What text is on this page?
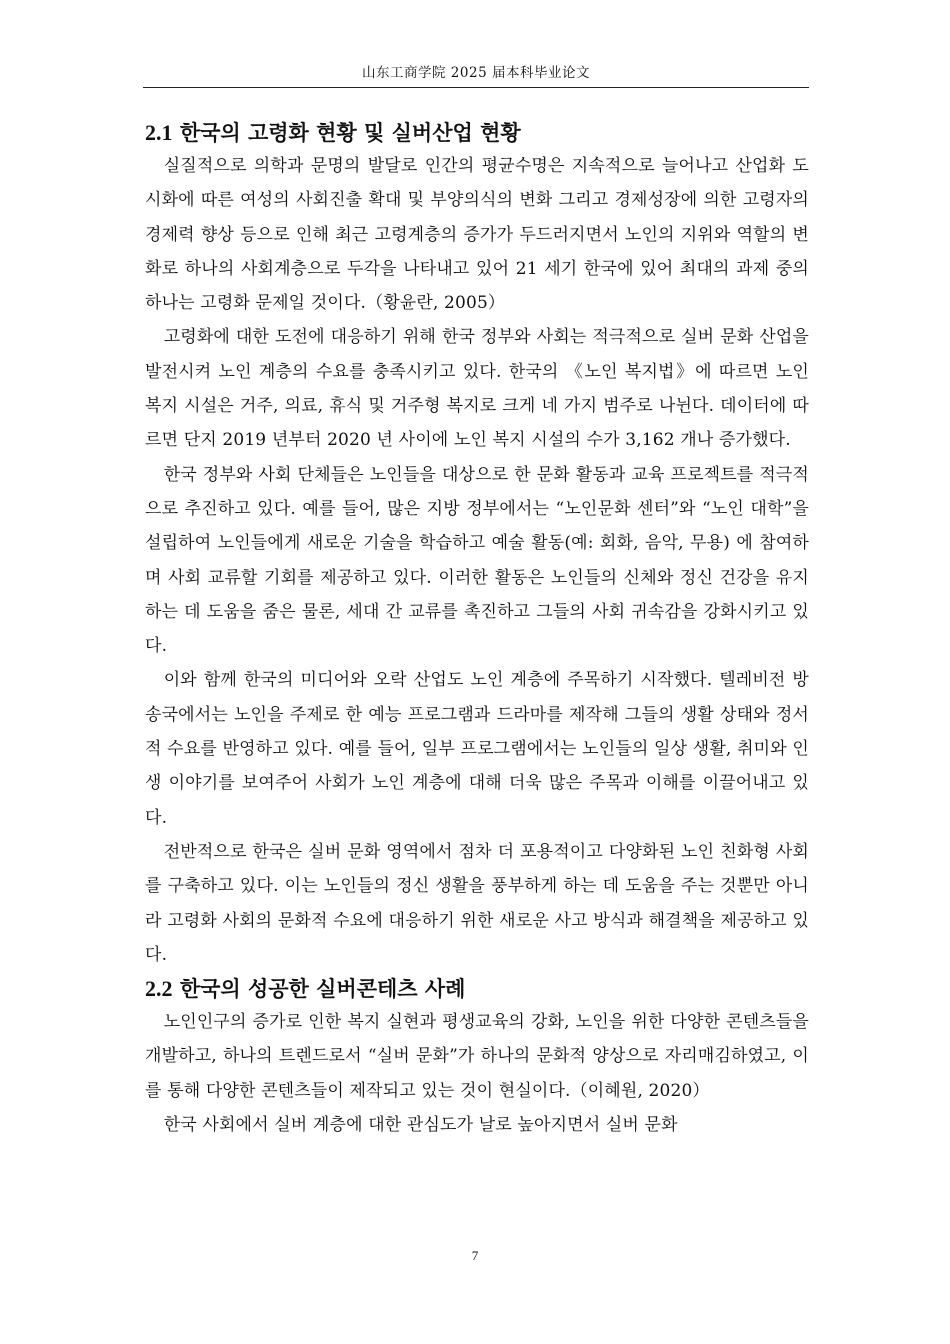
山东工商学院 2025 届本科毕业论文
2.1 한국의 고령화 현황 및 실버산업 현황

실질적으로 의학과 문명의 발달로 인간의 평균수명은 지속적으로 늘어나고 산업화 도시화에 따른 여성의 사회진출 확대 및 부양의식의 변화 그리고 경제성장에 의한 고령자의 경제력 향상 등으로 인해 최근 고령계층의 증가가 두드러지면서 노인의 지위와 역할의 변화로 하나의 사회계층으로 두각을 나타내고 있어 21 세기 한국에 있어 최대의 과제 중의 하나는 고령화 문제일 것이다.（황윤란, 2005）

고령화에 대한 도전에 대응하기 위해 한국 정부와 사회는 적극적으로 실버 문화 산업을 발전시켜 노인 계층의 수요를 충족시키고 있다. 한국의 《노인 복지법》에 따르면 노인 복지 시설은 거주, 의료, 휴식 및 거주형 복지로 크게 네 가지 범주로 나뉜다. 데이터에 따르면 단지 2019 년부터 2020 년 사이에 노인 복지 시설의 수가 3,162 개나 증가했다.

한국 정부와 사회 단체들은 노인들을 대상으로 한 문화 활동과 교육 프로젝트를 적극적으로 추진하고 있다. 예를 들어, 많은 지방 정부에서는 “노인문화 센터”와 “노인 대학”을 설립하여 노인들에게 새로운 기술을 학습하고 예술 활동(예: 회화, 음악, 무용) 에 참여하며 사회 교류할 기회를 제공하고 있다. 이러한 활동은 노인들의 신체와 정신 건강을 유지하는 데 도움을 줌은 물론, 세대 간 교류를 촉진하고 그들의 사회 귀속감을 강화시키고 있다.

이와 함께 한국의 미디어와 오락 산업도 노인 계층에 주목하기 시작했다. 텔레비전 방송국에서는 노인을 주제로 한 예능 프로그램과 드라마를 제작해 그들의 생활 상태와 정서적 수요를 반영하고 있다. 예를 들어, 일부 프로그램에서는 노인들의 일상 생활, 취미와 인생 이야기를 보여주어 사회가 노인 계층에 대해 더욱 많은 주목과 이해를 이끌어내고 있다.

전반적으로 한국은 실버 문화 영역에서 점차 더 포용적이고 다양화된 노인 친화형 사회를 구축하고 있다. 이는 노인들의 정신 생활을 풍부하게 하는 데 도움을 주는 것뿐만 아니라 고령화 사회의 문화적 수요에 대응하기 위한 새로운 사고 방식과 해결책을 제공하고 있다.

2.2 한국의 성공한 실버콘테츠 사례

노인인구의 증가로 인한 복지 실현과 평생교육의 강화, 노인을 위한 다양한 콘텐츠들을 개발하고, 하나의 트렌드로서 “실버 문화”가 하나의 문화적 양상으로 자리매김하였고, 이를 통해 다양한 콘텐츠들이 제작되고 있는 것이 현실이다.（이혜원, 2020）

한국 사회에서 실버 계층에 대한 관심도가 날로 높아지면서 실버 문화

7
